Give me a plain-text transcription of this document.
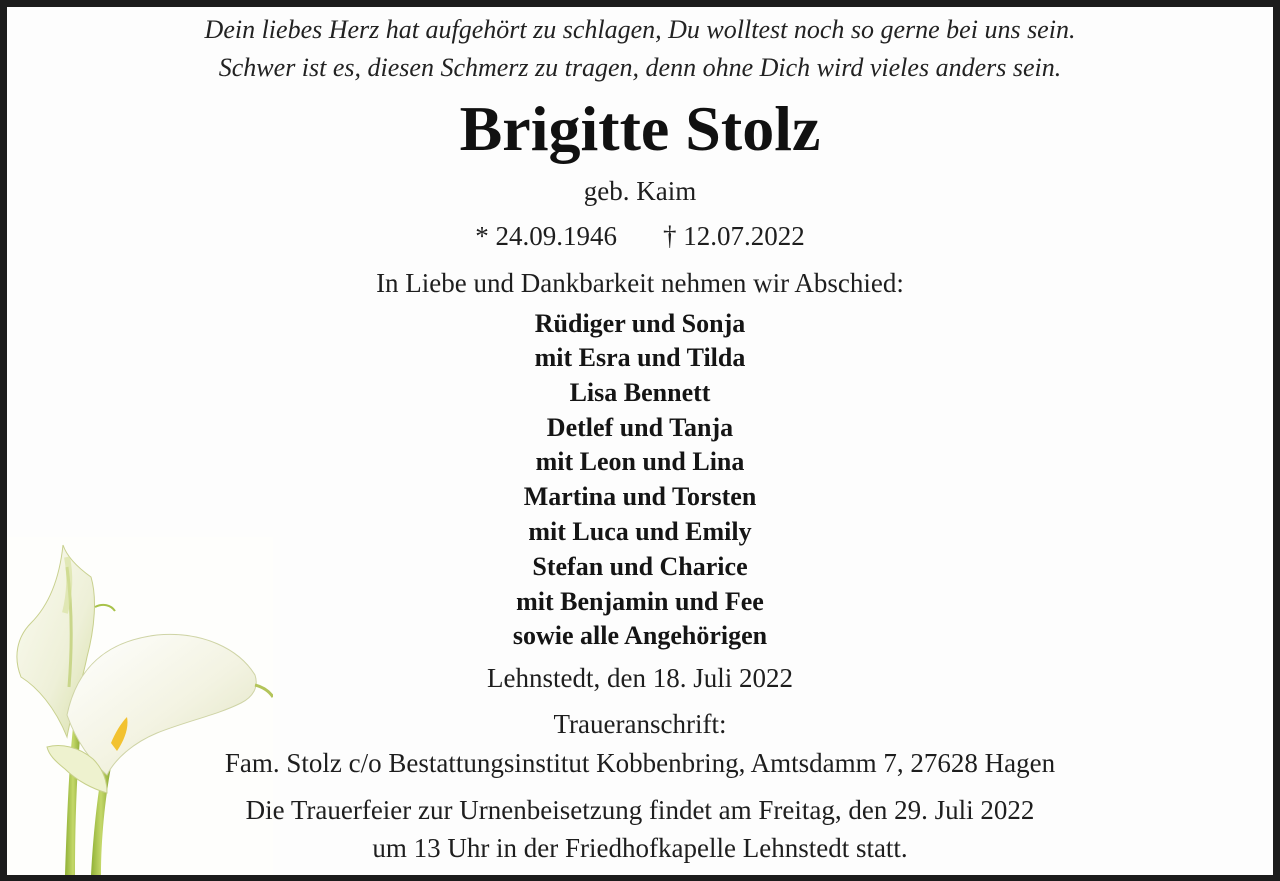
Dein liebes Herz hat aufgehört zu schlagen, Du wolltest noch so gerne bei uns sein.
Schwer ist es, diesen Schmerz zu tragen, denn ohne Dich wird vieles anders sein.
Brigitte Stolz
geb. Kaim
* 24.09.1946 † 12.07.2022
In Liebe und Dankbarkeit nehmen wir Abschied:
Rüdiger und Sonja
mit Esra und Tilda
Lisa Bennett
Detlef und Tanja
mit Leon und Lina
Martina und Torsten
mit Luca und Emily
Stefan und Charice
mit Benjamin und Fee
sowie alle Angehörigen
Lehnstedt, den 18. Juli 2022
Traueranschrift:
Fam. Stolz c/o Bestattungsinstitut Kobbenbring, Amtsdamm 7, 27628 Hagen
Die Trauerfeier zur Urnenbeisetzung findet am Freitag, den 29. Juli 2022
um 13 Uhr in der Friedhofkapelle Lehnstedt statt.
